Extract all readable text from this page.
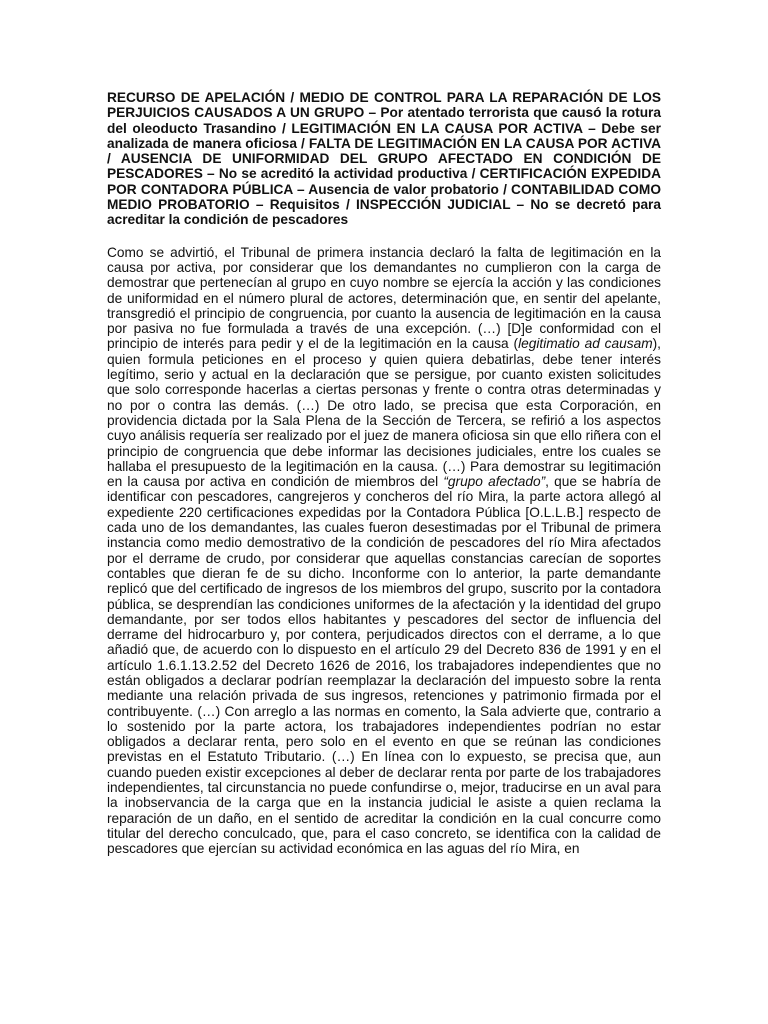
RECURSO DE APELACIÓN / MEDIO DE CONTROL PARA LA REPARACIÓN DE LOS PERJUICIOS CAUSADOS A UN GRUPO – Por atentado terrorista que causó la rotura del oleoducto Trasandino / LEGITIMACIÓN EN LA CAUSA POR ACTIVA – Debe ser analizada de manera oficiosa / FALTA DE LEGITIMACIÓN EN LA CAUSA POR ACTIVA / AUSENCIA DE UNIFORMIDAD DEL GRUPO AFECTADO EN CONDICIÓN DE PESCADORES – No se acreditó la actividad productiva / CERTIFICACIÓN EXPEDIDA POR CONTADORA PÚBLICA – Ausencia de valor probatorio / CONTABILIDAD COMO MEDIO PROBATORIO – Requisitos / INSPECCIÓN JUDICIAL – No se decretó para acreditar la condición de pescadores

Como se advirtió, el Tribunal de primera instancia declaró la falta de legitimación en la causa por activa, por considerar que los demandantes no cumplieron con la carga de demostrar que pertenecían al grupo en cuyo nombre se ejercía la acción y las condiciones de uniformidad en el número plural de actores, determinación que, en sentir del apelante, transgredió el principio de congruencia, por cuanto la ausencia de legitimación en la causa por pasiva no fue formulada a través de una excepción. (…) [D]e conformidad con el principio de interés para pedir y el de la legitimación en la causa (legitimatio ad causam), quien formula peticiones en el proceso y quien quiera debatirlas, debe tener interés legítimo, serio y actual en la declaración que se persigue, por cuanto existen solicitudes que solo corresponde hacerlas a ciertas personas y frente o contra otras determinadas y no por o contra las demás. (…) De otro lado, se precisa que esta Corporación, en providencia dictada por la Sala Plena de la Sección de Tercera, se refirió a los aspectos cuyo análisis requería ser realizado por el juez de manera oficiosa sin que ello riñera con el principio de congruencia que debe informar las decisiones judiciales, entre los cuales se hallaba el presupuesto de la legitimación en la causa. (…) Para demostrar su legitimación en la causa por activa en condición de miembros del “grupo afectado”, que se habría de identificar con pescadores, cangrejeros y concheros del río Mira, la parte actora allegó al expediente 220 certificaciones expedidas por la Contadora Pública [O.L.L.B.] respecto de cada uno de los demandantes, las cuales fueron desestimadas por el Tribunal de primera instancia como medio demostrativo de la condición de pescadores del río Mira afectados por el derrame de crudo, por considerar que aquellas constancias carecían de soportes contables que dieran fe de su dicho. Inconforme con lo anterior, la parte demandante replicó que del certificado de ingresos de los miembros del grupo, suscrito por la contadora pública, se desprendían las condiciones uniformes de la afectación y la identidad del grupo demandante, por ser todos ellos habitantes y pescadores del sector de influencia del derrame del hidrocarburo y, por contera, perjudicados directos con el derrame, a lo que añadió que, de acuerdo con lo dispuesto en el artículo 29 del Decreto 836 de 1991 y en el artículo 1.6.1.13.2.52 del Decreto 1626 de 2016, los trabajadores independientes que no están obligados a declarar podrían reemplazar la declaración del impuesto sobre la renta mediante una relación privada de sus ingresos, retenciones y patrimonio firmada por el contribuyente. (…) Con arreglo a las normas en comento, la Sala advierte que, contrario a lo sostenido por la parte actora, los trabajadores independientes podrían no estar obligados a declarar renta, pero solo en el evento en que se reúnan las condiciones previstas en el Estatuto Tributario. (…) En línea con lo expuesto, se precisa que, aun cuando pueden existir excepciones al deber de declarar renta por parte de los trabajadores independientes, tal circunstancia no puede confundirse o, mejor, traducirse en un aval para la inobservancia de la carga que en la instancia judicial le asiste a quien reclama la reparación de un daño, en el sentido de acreditar la condición en la cual concurre como titular del derecho conculcado, que, para el caso concreto, se identifica con la calidad de pescadores que ejercían su actividad económica en las aguas del río Mira, en
